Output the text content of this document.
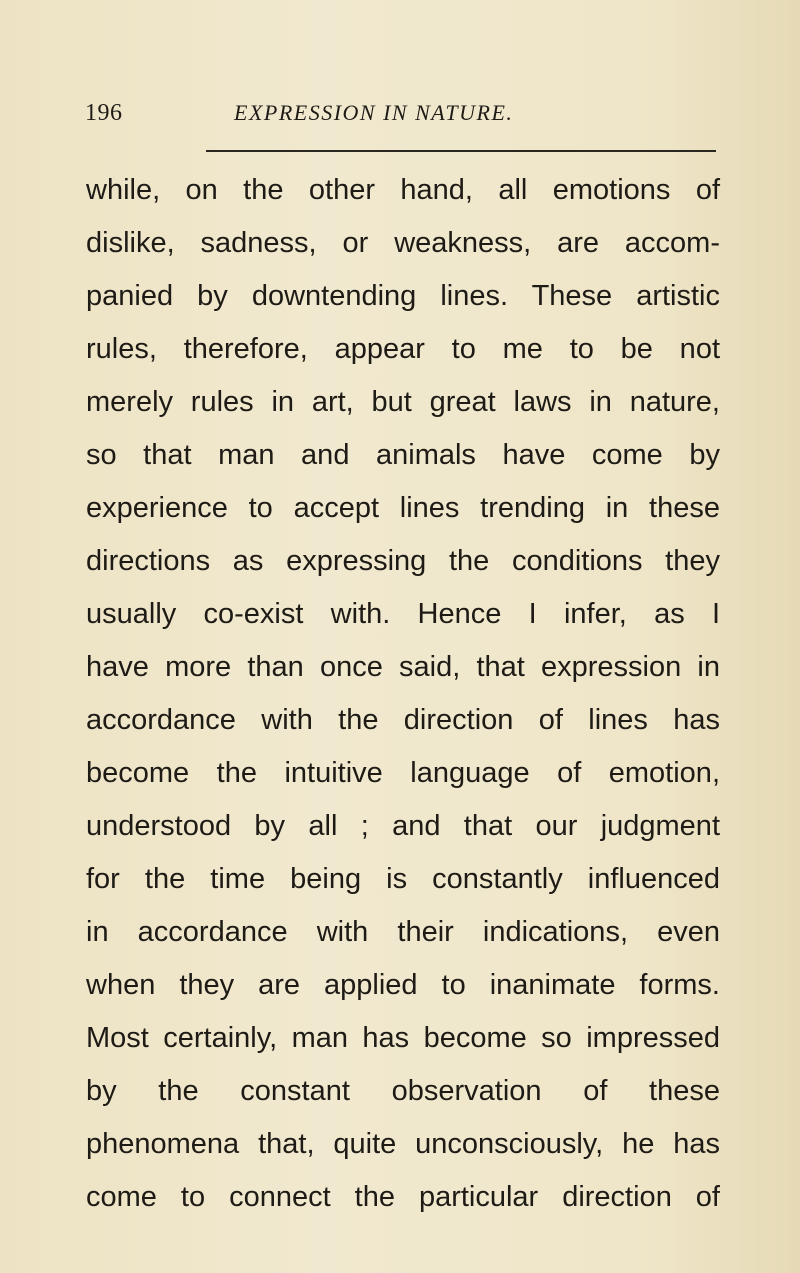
196	EXPRESSION IN NATURE.
while, on the other hand, all emotions of
dislike, sadness, or weakness, are accom-
panied by downtending lines. These artistic
rules, therefore, appear to me to be not
merely rules in art, but great laws in nature,
so that man and animals have come by
experience to accept lines trending in these
directions as expressing the conditions they
usually co-exist with. Hence I infer, as I
have more than once said, that expression in
accordance with the direction of lines has
become the intuitive language of emotion,
understood by all ; and that our judgment
for the time being is constantly influenced
in accordance with their indications, even
when they are applied to inanimate forms.
Most certainly, man has become so impressed
by the constant observation of these
phenomena that, quite unconsciously, he has
come to connect the particular direction of
